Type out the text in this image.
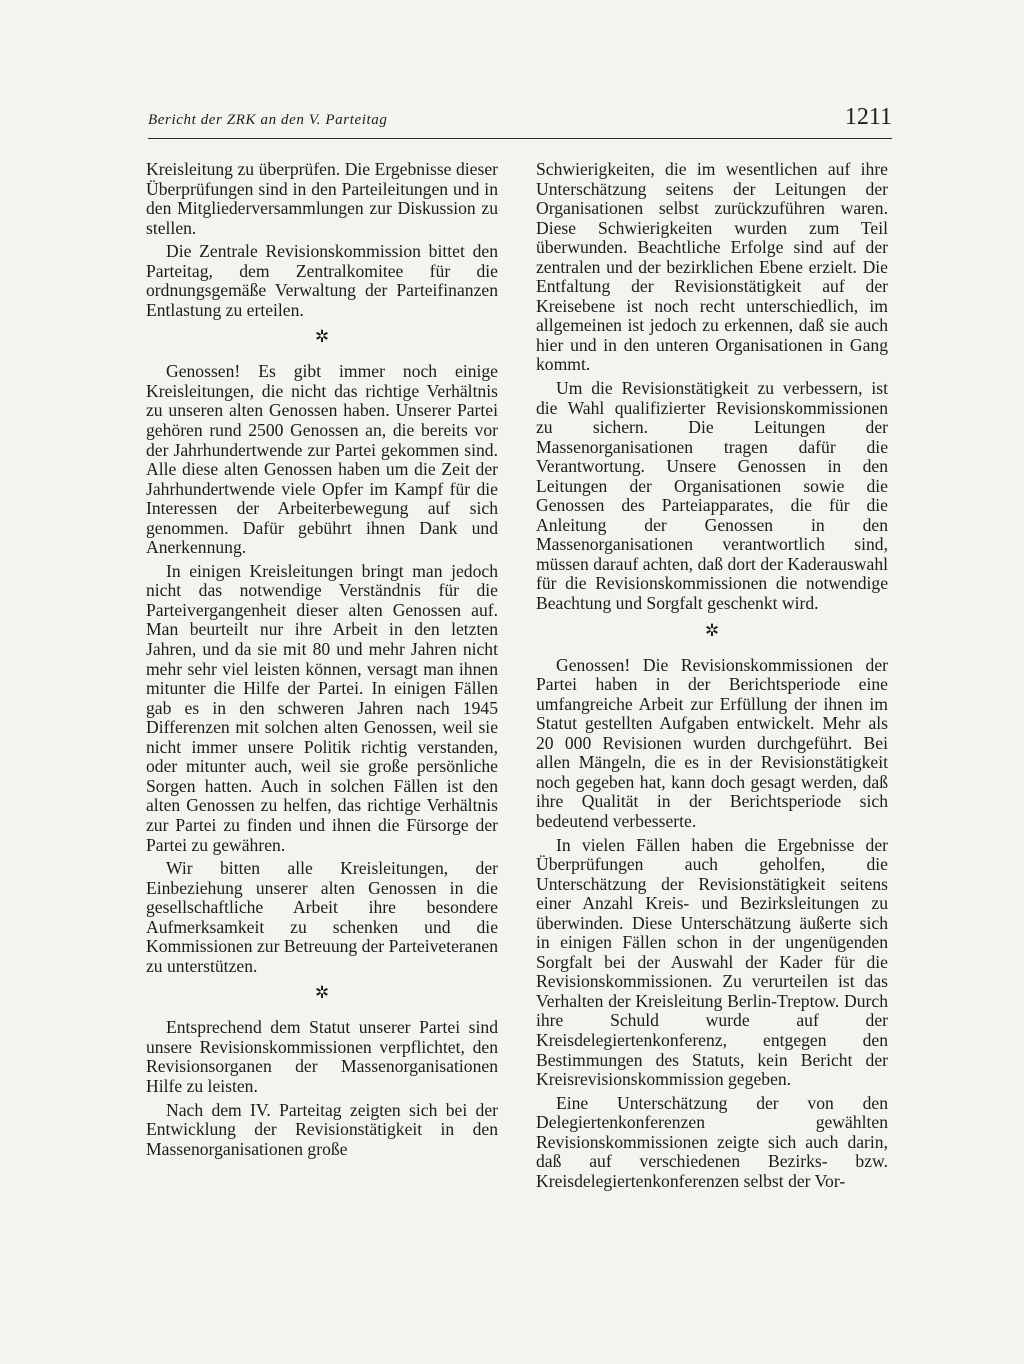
Bericht der ZRK an den V. Parteitag	1211

Kreisleitung zu überprüfen. Die Ergebnisse dieser Überprüfungen sind in den Parteileitungen und in den Mitgliederversammlungen zur Diskussion zu stellen.

Die Zentrale Revisionskommission bittet den Parteitag, dem Zentralkomitee für die ordnungsgemäße Verwaltung der Parteifinanzen Entlastung zu erteilen.

✲

Genossen! Es gibt immer noch einige Kreisleitungen, die nicht das richtige Verhältnis zu unseren alten Genossen haben. Unserer Partei gehören rund 2500 Genossen an, die bereits vor der Jahrhundertwende zur Partei gekommen sind. Alle diese alten Genossen haben um die Zeit der Jahrhundertwende viele Opfer im Kampf für die Interessen der Arbeiterbewegung auf sich genommen. Dafür gebührt ihnen Dank und Anerkennung.

In einigen Kreisleitungen bringt man jedoch nicht das notwendige Verständnis für die Parteivergangenheit dieser alten Genossen auf. Man beurteilt nur ihre Arbeit in den letzten Jahren, und da sie mit 80 und mehr Jahren nicht mehr sehr viel leisten können, versagt man ihnen mitunter die Hilfe der Partei. In einigen Fällen gab es in den schweren Jahren nach 1945 Differenzen mit solchen alten Genossen, weil sie nicht immer unsere Politik richtig verstanden, oder mitunter auch, weil sie große persönliche Sorgen hatten. Auch in solchen Fällen ist den alten Genossen zu helfen, das richtige Verhältnis zur Partei zu finden und ihnen die Fürsorge der Partei zu gewähren.

Wir bitten alle Kreisleitungen, der Einbeziehung unserer alten Genossen in die gesellschaftliche Arbeit ihre besondere Aufmerksamkeit zu schenken und die Kommissionen zur Betreuung der Parteiveteranen zu unterstützen.

✲

Entsprechend dem Statut unserer Partei sind unsere Revisionskommissionen verpflichtet, den Revisionsorganen der Massenorganisationen Hilfe zu leisten.

Nach dem IV. Parteitag zeigten sich bei der Entwicklung der Revisionstätigkeit in den Massenorganisationen große

Schwierigkeiten, die im wesentlichen auf ihre Unterschätzung seitens der Leitungen der Organisationen selbst zurückzuführen waren. Diese Schwierigkeiten wurden zum Teil überwunden. Beachtliche Erfolge sind auf der zentralen und der bezirklichen Ebene erzielt. Die Entfaltung der Revisionstätigkeit auf der Kreisebene ist noch recht unterschiedlich, im allgemeinen ist jedoch zu erkennen, daß sie auch hier und in den unteren Organisationen in Gang kommt.

Um die Revisionstätigkeit zu verbessern, ist die Wahl qualifizierter Revisionskommissionen zu sichern. Die Leitungen der Massenorganisationen tragen dafür die Verantwortung. Unsere Genossen in den Leitungen der Organisationen sowie die Genossen des Parteiapparates, die für die Anleitung der Genossen in den Massenorganisationen verantwortlich sind, müssen darauf achten, daß dort der Kaderauswahl für die Revisionskommissionen die notwendige Beachtung und Sorgfalt geschenkt wird.

✲

Genossen! Die Revisionskommissionen der Partei haben in der Berichtsperiode eine umfangreiche Arbeit zur Erfüllung der ihnen im Statut gestellten Aufgaben entwickelt. Mehr als 20 000 Revisionen wurden durchgeführt. Bei allen Mängeln, die es in der Revisionstätigkeit noch gegeben hat, kann doch gesagt werden, daß ihre Qualität in der Berichtsperiode sich bedeutend verbesserte.

In vielen Fällen haben die Ergebnisse der Überprüfungen auch geholfen, die Unterschätzung der Revisionstätigkeit seitens einer Anzahl Kreis- und Bezirksleitungen zu überwinden. Diese Unterschätzung äußerte sich in einigen Fällen schon in der ungenügenden Sorgfalt bei der Auswahl der Kader für die Revisionskommissionen. Zu verurteilen ist das Verhalten der Kreisleitung Berlin-Treptow. Durch ihre Schuld wurde auf der Kreisdelegiertenkonferenz, entgegen den Bestimmungen des Statuts, kein Bericht der Kreisrevisionskommission gegeben.

Eine Unterschätzung der von den Delegiertenkonferenzen gewählten Revisionskommissionen zeigte sich auch darin, daß auf verschiedenen Bezirks- bzw. Kreisdelegiertenkonferenzen selbst der Vor-
